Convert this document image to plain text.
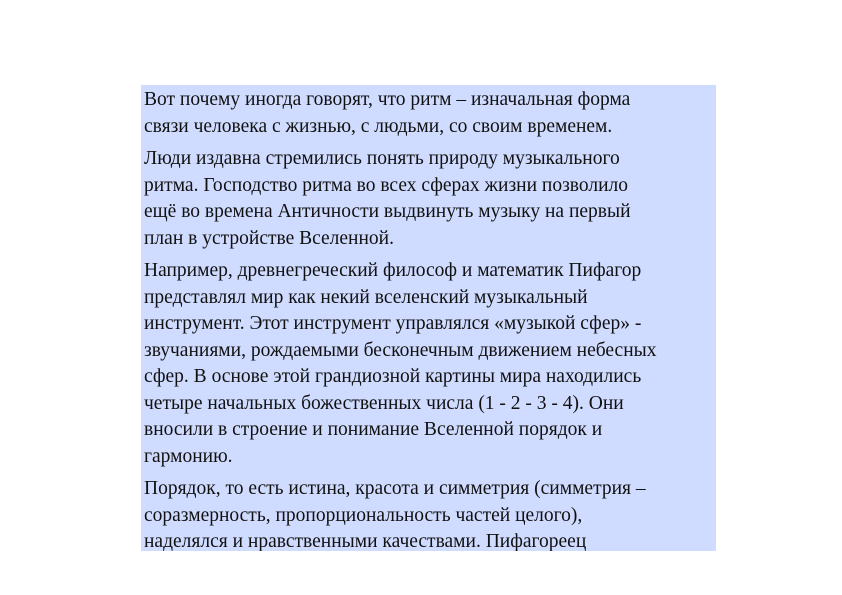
Вот почему иногда говорят, что ритм – изначальная форма
связи человека с жизнью, с людьми, со своим временем.

Люди издавна стремились понять природу музыкального
ритма. Господство ритма во всех сферах жизни позволило
ещё во времена Античности выдвинуть музыку на первый
план в устройстве Вселенной.

Например, древнегреческий философ и математик Пифагор
представлял мир как некий вселенский музыкальный
инструмент. Этот инструмент управлялся «музыкой сфер» -
звучаниями, рождаемыми бесконечным движением небесных
сфер. В основе этой грандиозной картины мира находились
четыре начальных божественных числа (1 - 2 - 3 - 4). Они
вносили в строение и понимание Вселенной порядок и
гармонию.

Порядок, то есть истина, красота и симметрия (симметрия –
соразмерность, пропорциональность частей целого),
наделялся и нравственными качествами. Пифагореец
